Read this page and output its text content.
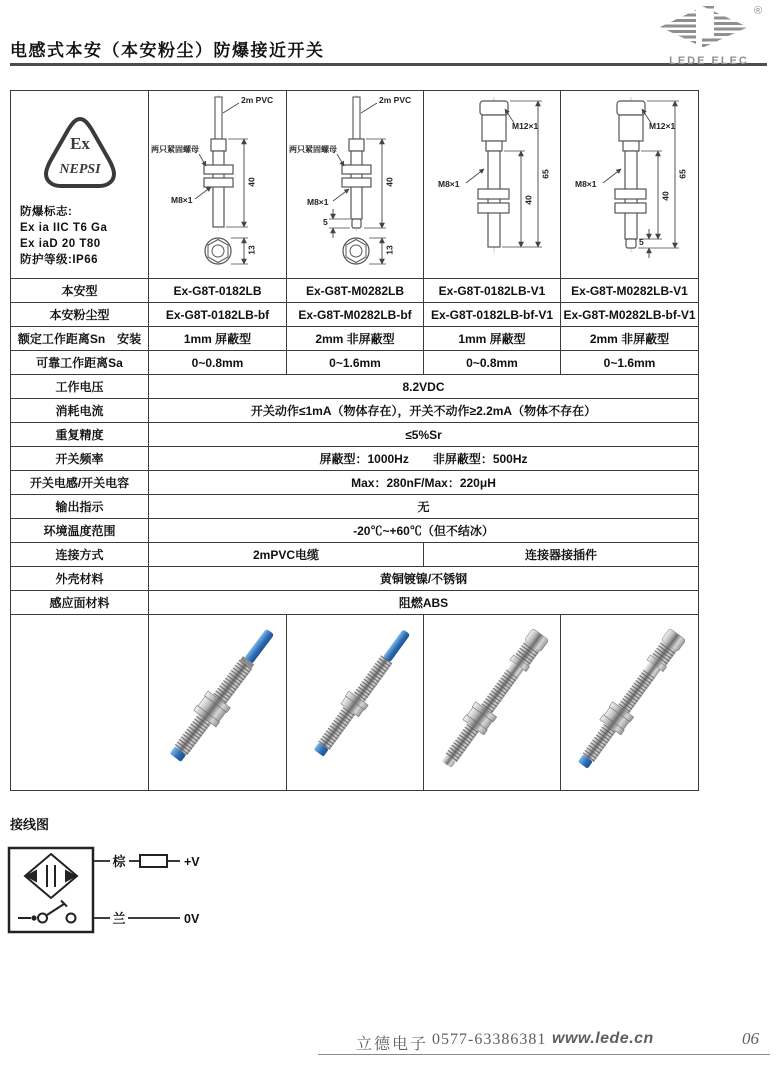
电感式本安（本安粉尘）防爆接近开关
®
LEDE ELEC
Ex
NEPSI
防爆标志:
Ex ia IIC T6 Ga
Ex iaD 20 T80
防护等级:IP66

2m PVC
两只紧固螺母
M8×1
40
13

2m PVC
两只紧固螺母
M8×1
40
5
13

M12×1
M8×1
65
40

M12×1
M8×1
65
40
5

本安型	Ex-G8T-0182LB	Ex-G8T-M0282LB	Ex-G8T-0182LB-V1	Ex-G8T-M0282LB-V1
本安粉尘型	Ex-G8T-0182LB-bf	Ex-G8T-M0282LB-bf	Ex-G8T-0182LB-bf-V1	Ex-G8T-M0282LB-bf-V1
额定工作距离Sn　安装	1mm 屏蔽型	2mm 非屏蔽型	1mm 屏蔽型	2mm 非屏蔽型
可靠工作距离Sa	0~0.8mm	0~1.6mm	0~0.8mm	0~1.6mm
工作电压	8.2VDC			
消耗电流	开关动作≤1mA（物体存在），开关不动作≥2.2mA（物体不存在）			
重复精度	≤5%Sr			
开关频率	屏蔽型：1000Hz　　非屏蔽型：500Hz			
开关电感/开关电容	Max：280nF/Max：220μH			
输出指示	无			
环境温度范围	-20℃~+60℃（但不结冰）			
连接方式	2mPVC电缆		连接器接插件	
外壳材料	黄铜镀镍/不锈钢			
感应面材料	阻燃ABS			

接线图
棕	+V
兰	0V
立德电子 0577-63386381 www.lede.cn	06
